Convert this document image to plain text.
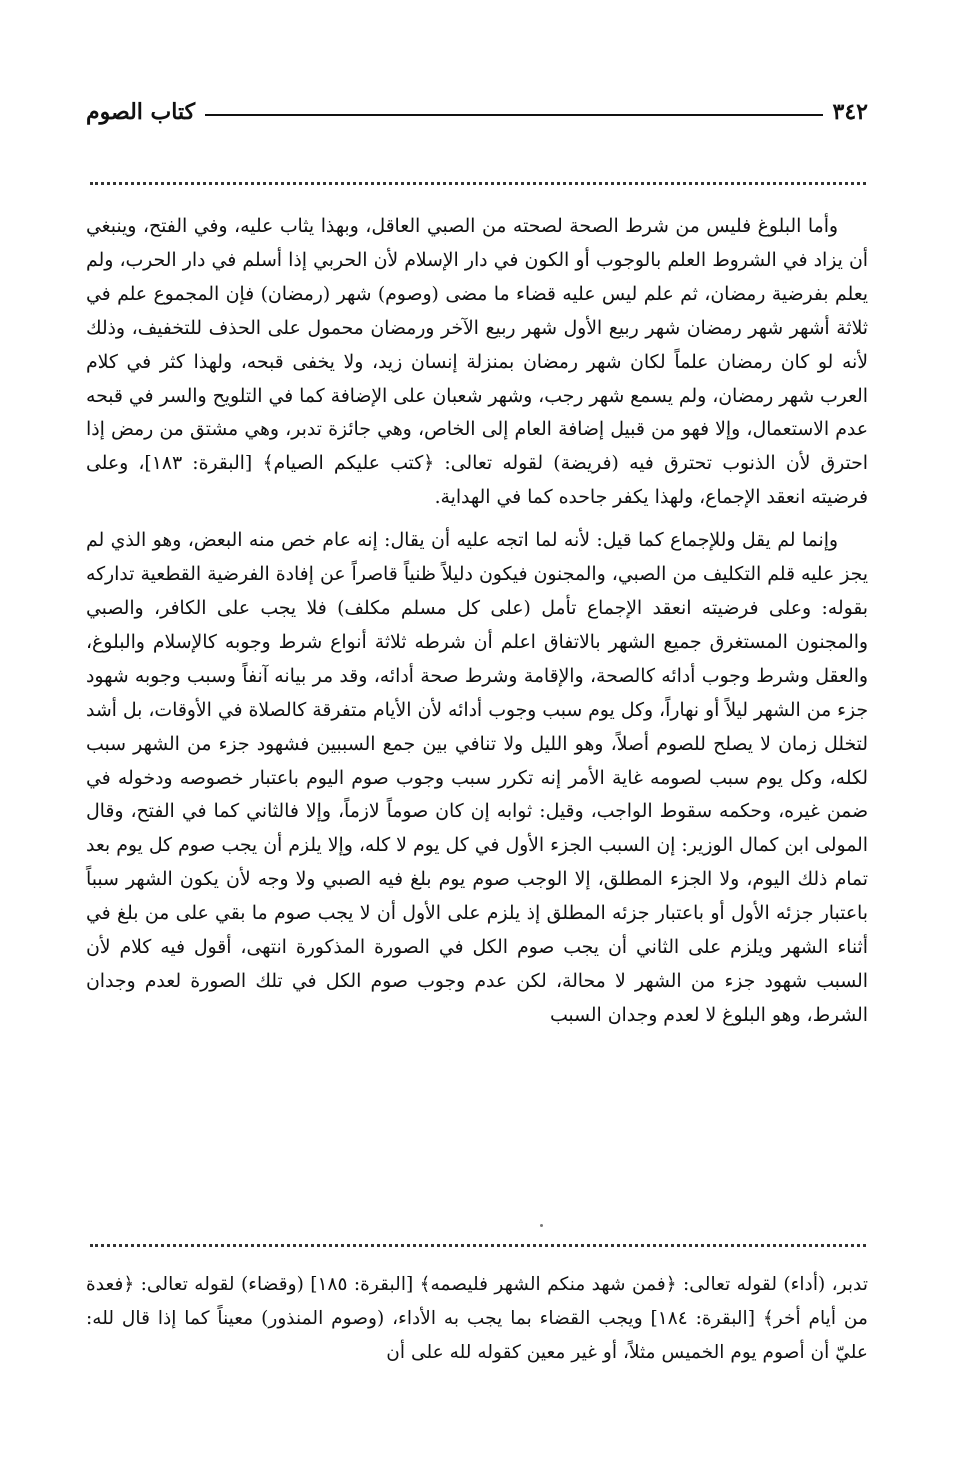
٣٤٢
كتاب الصوم

وأما البلوغ فليس من شرط الصحة لصحته من الصبي العاقل، وبهذا يثاب عليه، وفي الفتح، وينبغي أن يزاد في الشروط العلم بالوجوب أو الكون في دار الإسلام لأن الحربي إذا أسلم في دار الحرب، ولم يعلم بفرضية رمضان، ثم علم ليس عليه قضاء ما مضى (وصوم) شهر (رمضان) فإن المجموع علم في ثلاثة أشهر شهر رمضان شهر ربيع الأول شهر ربيع الآخر ورمضان محمول على الحذف للتخفيف، وذلك لأنه لو كان رمضان علماً لكان شهر رمضان بمنزلة إنسان زيد، ولا يخفى قبحه، ولهذا كثر في كلام العرب شهر رمضان، ولم يسمع شهر رجب، وشهر شعبان على الإضافة كما في التلويح والسر في قبحه عدم الاستعمال، وإلا فهو من قبيل إضافة العام إلى الخاص، وهي جائزة تدبر، وهي مشتق من رمض إذا احترق لأن الذنوب تحترق فيه (فريضة) لقوله تعالى: ﴿كتب عليكم الصيام﴾ [البقرة: ١٨٣]، وعلى فرضيته انعقد الإجماع، ولهذا يكفر جاحده كما في الهداية.

وإنما لم يقل وللإجماع كما قيل: لأنه لما اتجه عليه أن يقال: إنه عام خص منه البعض، وهو الذي لم يجز عليه قلم التكليف من الصبي، والمجنون فيكون دليلاً ظنياً قاصراً عن إفادة الفرضية القطعية تداركه بقوله: وعلى فرضيته انعقد الإجماع تأمل (على كل مسلم مكلف) فلا يجب على الكافر، والصبي والمجنون المستغرق جميع الشهر بالاتفاق اعلم أن شرطه ثلاثة أنواع شرط وجوبه كالإسلام والبلوغ، والعقل وشرط وجوب أدائه كالصحة، والإقامة وشرط صحة أدائه، وقد مر بيانه آنفاً وسبب وجوبه شهود جزء من الشهر ليلاً أو نهاراً، وكل يوم سبب وجوب أدائه لأن الأيام متفرقة كالصلاة في الأوقات، بل أشد لتخلل زمان لا يصلح للصوم أصلاً، وهو الليل ولا تنافي بين جمع السببين فشهود جزء من الشهر سبب لكله، وكل يوم سبب لصومه غاية الأمر إنه تكرر سبب وجوب صوم اليوم باعتبار خصوصه ودخوله في ضمن غيره، وحكمه سقوط الواجب، وقيل: ثوابه إن كان صوماً لازماً، وإلا فالثاني كما في الفتح، وقال المولى ابن كمال الوزير: إن السبب الجزء الأول في كل يوم لا كله، وإلا يلزم أن يجب صوم كل يوم بعد تمام ذلك اليوم، ولا الجزء المطلق، إلا الوجب صوم يوم بلغ فيه الصبي ولا وجه لأن يكون الشهر سبباً باعتبار جزئه الأول أو باعتبار جزئه المطلق إذ يلزم على الأول أن لا يجب صوم ما بقي على من بلغ في أثناء الشهر ويلزم على الثاني أن يجب صوم الكل في الصورة المذكورة انتهى، أقول فيه كلام لأن السبب شهود جزء من الشهر لا محالة، لكن عدم وجوب صوم الكل في تلك الصورة لعدم وجدان الشرط، وهو البلوغ لا لعدم وجدان السبب

تدبر، (أداء) لقوله تعالى: ﴿فمن شهد منكم الشهر فليصمه﴾ [البقرة: ١٨٥] (وقضاء) لقوله تعالى: ﴿فعدة من أيام أخر﴾ [البقرة: ١٨٤] ويجب القضاء بما يجب به الأداء، (وصوم المنذور) معيناً كما إذا قال لله: عليّ أن أصوم يوم الخميس مثلاً، أو غير معين كقوله لله على أن
